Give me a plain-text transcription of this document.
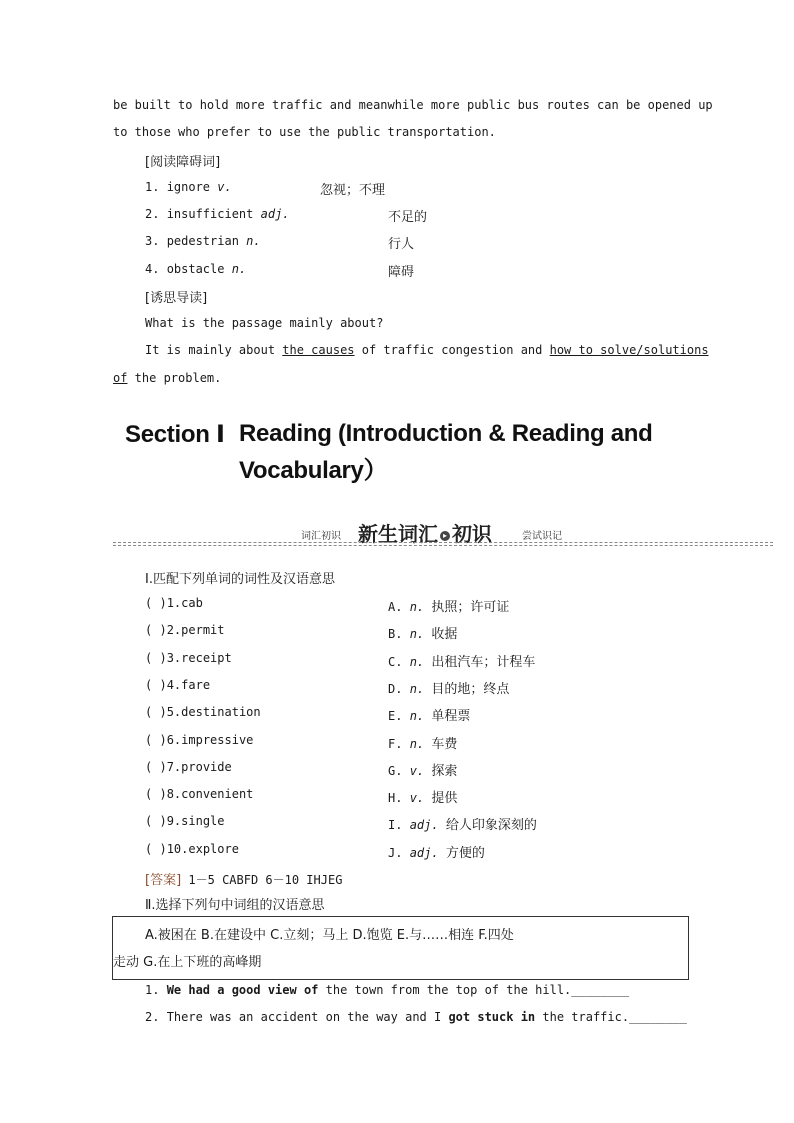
be built to hold more traffic and meanwhile more public bus routes can be opened up
to those who prefer to use the public transportation.
[阅读障碍词]
1. ignore v.	忽视；不理
2. insufficient adj.	不足的
3. pedestrian n.	行人
4. obstacle n.	障碍
[诱思导读]
What is the passage mainly about?
It is mainly about the causes of traffic congestion and how to solve/solutions
of the problem.
Section Ⅰ Reading (Introduction & Reading and
Vocabulary）
词汇初识 新生词汇 ▸ 初识	尝试识记
Ⅰ.匹配下列单词的词性及汉语意思
( )1.cab	A. n. 执照；许可证
( )2.permit	B. n. 收据
( )3.receipt	C. n. 出租汽车；计程车
( )4.fare	D. n. 目的地；终点
( )5.destination	E. n. 单程票
( )6.impressive	F. n. 车费
( )7.provide	G. v. 探索
( )8.convenient	H. v. 提供
( )9.single	I. adj. 给人印象深刻的
( )10.explore	J. adj. 方便的
[答案] 1－5 CABFD 6－10 IHJEG
Ⅱ.选择下列句中词组的汉语意思
A.被困在 B.在建设中 C.立刻；马上 D.饱览 E.与……相连 F.四处
走动 G.在上下班的高峰期
1. We had a good view of the town from the top of the hill.________
2. There was an accident on the way and I got stuck in the traffic.________
